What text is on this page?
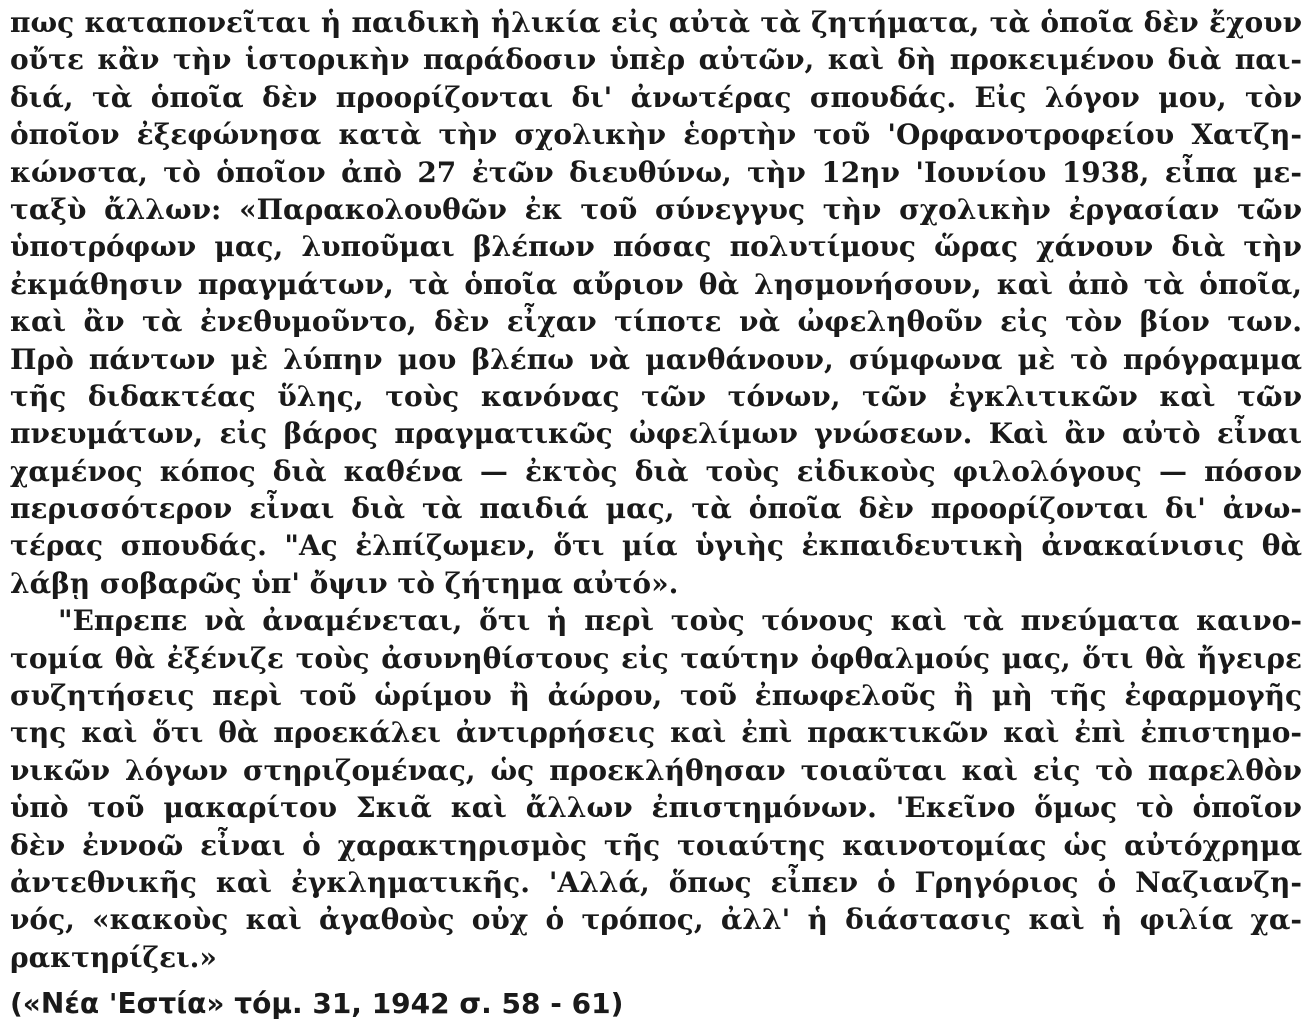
πως καταπονεῖται ἡ παιδικὴ ἡλικία εἰς αὐτὰ τὰ ζητήματα, τὰ ὁποῖα δὲν ἔχουν
οὔτε κἂν τὴν ἱστορικὴν παράδοσιν ὑπὲρ αὐτῶν, καὶ δὴ προκειμένου διὰ παι-
διά, τὰ ὁποῖα δὲν προορίζονται δι' ἀνωτέρας σπουδάς. Εἰς λόγον μου, τὸν
ὁποῖον ἐξεφώνησα κατὰ τὴν σχολικὴν ἑορτὴν τοῦ 'Ορφανοτροφείου Χατζη-
κώνστα, τὸ ὁποῖον ἀπὸ 27 ἐτῶν διευθύνω, τὴν 12ην 'Ιουνίου 1938, εἶπα με-
ταξὺ ἄλλων: «Παρακολουθῶν ἐκ τοῦ σύνεγγυς τὴν σχολικὴν ἐργασίαν τῶν
ὑποτρόφων μας, λυποῦμαι βλέπων πόσας πολυτίμους ὥρας χάνουν διὰ τὴν
ἐκμάθησιν πραγμάτων, τὰ ὁποῖα αὔριον θὰ λησμονήσουν, καὶ ἀπὸ τὰ ὁποῖα,
καὶ ἂν τὰ ἐνεθυμοῦντο, δὲν εἶχαν τίποτε νὰ ὠφεληθοῦν εἰς τὸν βίον των.
Πρὸ πάντων μὲ λύπην μου βλέπω νὰ μανθάνουν, σύμφωνα μὲ τὸ πρόγραμμα
τῆς διδακτέας ὕλης, τοὺς κανόνας τῶν τόνων, τῶν ἐγκλιτικῶν καὶ τῶν
πνευμάτων, εἰς βάρος πραγματικῶς ὠφελίμων γνώσεων. Καὶ ἂν αὐτὸ εἶναι
χαμένος κόπος διὰ καθένα — ἐκτὸς διὰ τοὺς εἰδικοὺς φιλολόγους — πόσον
περισσότερον εἶναι διὰ τὰ παιδιά μας, τὰ ὁποῖα δὲν προορίζονται δι' ἀνω-
τέρας σπουδάς. "Ας ἐλπίζωμεν, ὅτι μία ὑγιὴς ἐκπαιδευτικὴ ἀνακαίνισις θὰ
λάβῃ σοβαρῶς ὑπ' ὄψιν τὸ ζήτημα αὐτό».
"Επρεπε νὰ ἀναμένεται, ὅτι ἡ περὶ τοὺς τόνους καὶ τὰ πνεύματα καινο-
τομία θὰ ἐξένιζε τοὺς ἀσυνηθίστους εἰς ταύτην ὀφθαλμούς μας, ὅτι θὰ ἤγειρε
συζητήσεις περὶ τοῦ ὡρίμου ἢ ἀώρου, τοῦ ἐπωφελοῦς ἢ μὴ τῆς ἐφαρμογῆς
της καὶ ὅτι θὰ προεκάλει ἀντιρρήσεις καὶ ἐπὶ πρακτικῶν καὶ ἐπὶ ἐπιστημο-
νικῶν λόγων στηριζομένας, ὡς προεκλήθησαν τοιαῦται καὶ εἰς τὸ παρελθὸν
ὑπὸ τοῦ μακαρίτου Σκιᾶ καὶ ἄλλων ἐπιστημόνων. 'Εκεῖνο ὅμως τὸ ὁποῖον
δὲν ἐννοῶ εἶναι ὁ χαρακτηρισμὸς τῆς τοιαύτης καινοτομίας ὡς αὐτόχρημα
ἀντεθνικῆς καὶ ἐγκληματικῆς. 'Αλλά, ὅπως εἶπεν ὁ Γρηγόριος ὁ Ναζιανζη-
νός, «κακοὺς καὶ ἀγαθοὺς οὐχ ὁ τρόπος, ἀλλ' ἡ διάστασις καὶ ἡ φιλία χα-
ρακτηρίζει.»
(«Νέα 'Εστία» τόμ. 31, 1942 σ. 58 - 61)
